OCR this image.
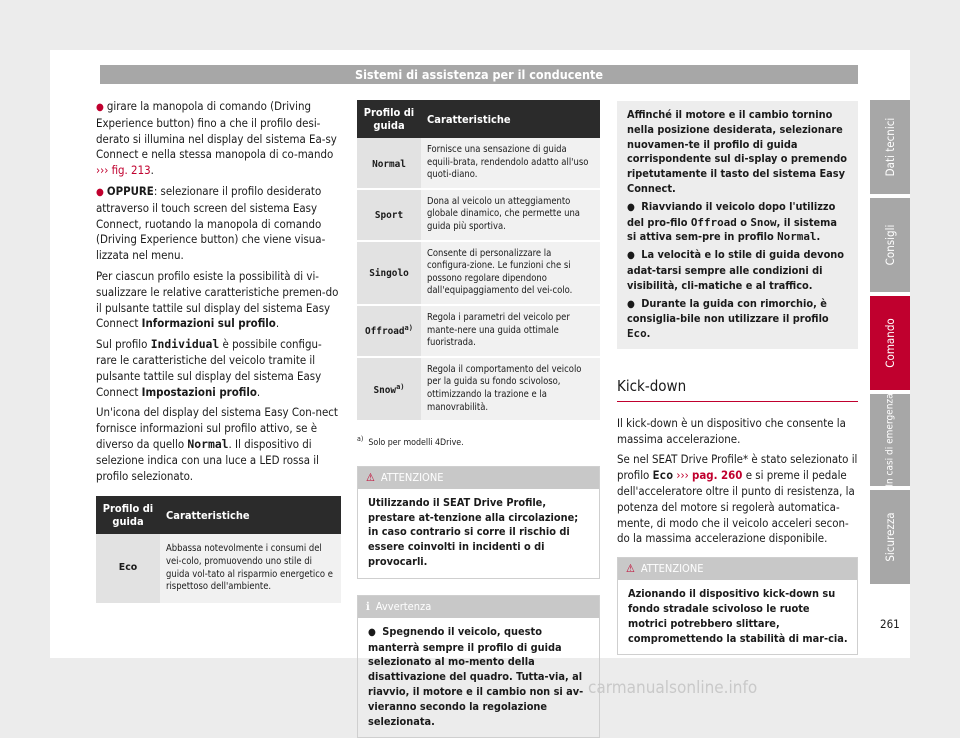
Sistemi di assistenza per il conducente

● girare la manopola di comando (Driving Experience button) fino a che il profilo desi-derato si illumina nel display del sistema Ea-sy Connect e nella stessa manopola di co-mando ››› fig. 213.

● OPPURE: selezionare il profilo desiderato attraverso il touch screen del sistema Easy Connect, ruotando la manopola di comando (Driving Experience button) che viene visua-lizzata nel menu.

Per ciascun profilo esiste la possibilità di vi-sualizzare le relative caratteristiche premen-do il pulsante tattile sul display del sistema Easy Connect Informazioni sul profilo.

Sul profilo Individual è possibile configu-rare le caratteristiche del veicolo tramite il pulsante tattile sul display del sistema Easy Connect Impostazioni profilo.

Un'icona del display del sistema Easy Con-nect fornisce informazioni sul profilo attivo, se è diverso da quello Normal. Il dispositivo di selezione indica con una luce a LED rossa il profilo selezionato.

Profilo di guida	Caratteristiche
Eco	Abbassa notevolmente i consumi del vei-colo, promuovendo uno stile di guida vol-tato al risparmio energetico e rispettoso dell'ambiente.
Profilo di guida	Caratteristiche
Normal	Fornisce una sensazione di guida equili-brata, rendendolo adatto all'uso quoti-diano.
Sport	Dona al veicolo un atteggiamento globale dinamico, che permette una guida più sportiva.
Singolo	Consente di personalizzare la configura-zione. Le funzioni che si possono regolare dipendono dall'equipaggiamento del vei-colo.
Offroad$^{a)}$	Regola i parametri del veicolo per mante-nere una guida ottimale fuoristrada.
Snow$^{a)}$	Regola il comportamento del veicolo per la guida su fondo scivoloso, ottimizzando la trazione e la manovrabilità.
$^{a)}$ Solo per modelli 4Drive.
⚠ ATTENZIONE
Utilizzando il SEAT Drive Profile, prestare at-tenzione alla circolazione; in caso contrario si corre il rischio di essere coinvolti in incidenti o di provocarli.
ℹ Avvertenza
● Spegnendo il veicolo, questo manterrà sempre il profilo di guida selezionato al mo-mento della disattivazione del quadro. Tutta-via, al riavvio, il motore e il cambio non si av-vieranno secondo la regolazione selezionata.
Affinché il motore e il cambio tornino nella posizione desiderata, selezionare nuovamen-te il profilo di guida corrispondente sul di-splay o premendo ripetutamente il tasto del sistema Easy Connect.
● Riavviando il veicolo dopo l'utilizzo del pro-filo Offroad o Snow, il sistema si attiva sem-pre in profilo Normal.
● La velocità e lo stile di guida devono adat-tarsi sempre alle condizioni di visibilità, cli-matiche e al traffico.
● Durante la guida con rimorchio, è consiglia-bile non utilizzare il profilo Eco.
Kick-down

Il kick-down è un dispositivo che consente la massima accelerazione.

Se nel SEAT Drive Profile* è stato selezionato il profilo Eco ››› pag. 260 e si preme il pedale dell'acceleratore oltre il punto di resistenza, la potenza del motore si regolerà automatica-mente, di modo che il veicolo acceleri secon-do la massima accelerazione disponibile.

⚠ ATTENZIONE
Azionando il dispositivo kick-down su fondo stradale scivoloso le ruote motrici potrebbero slittare, compromettendo la stabilità di mar-cia.
Dati tecnici
Consigli
Comando
In casi di emergenza
Sicurezza
261
carmanualsonline.info
